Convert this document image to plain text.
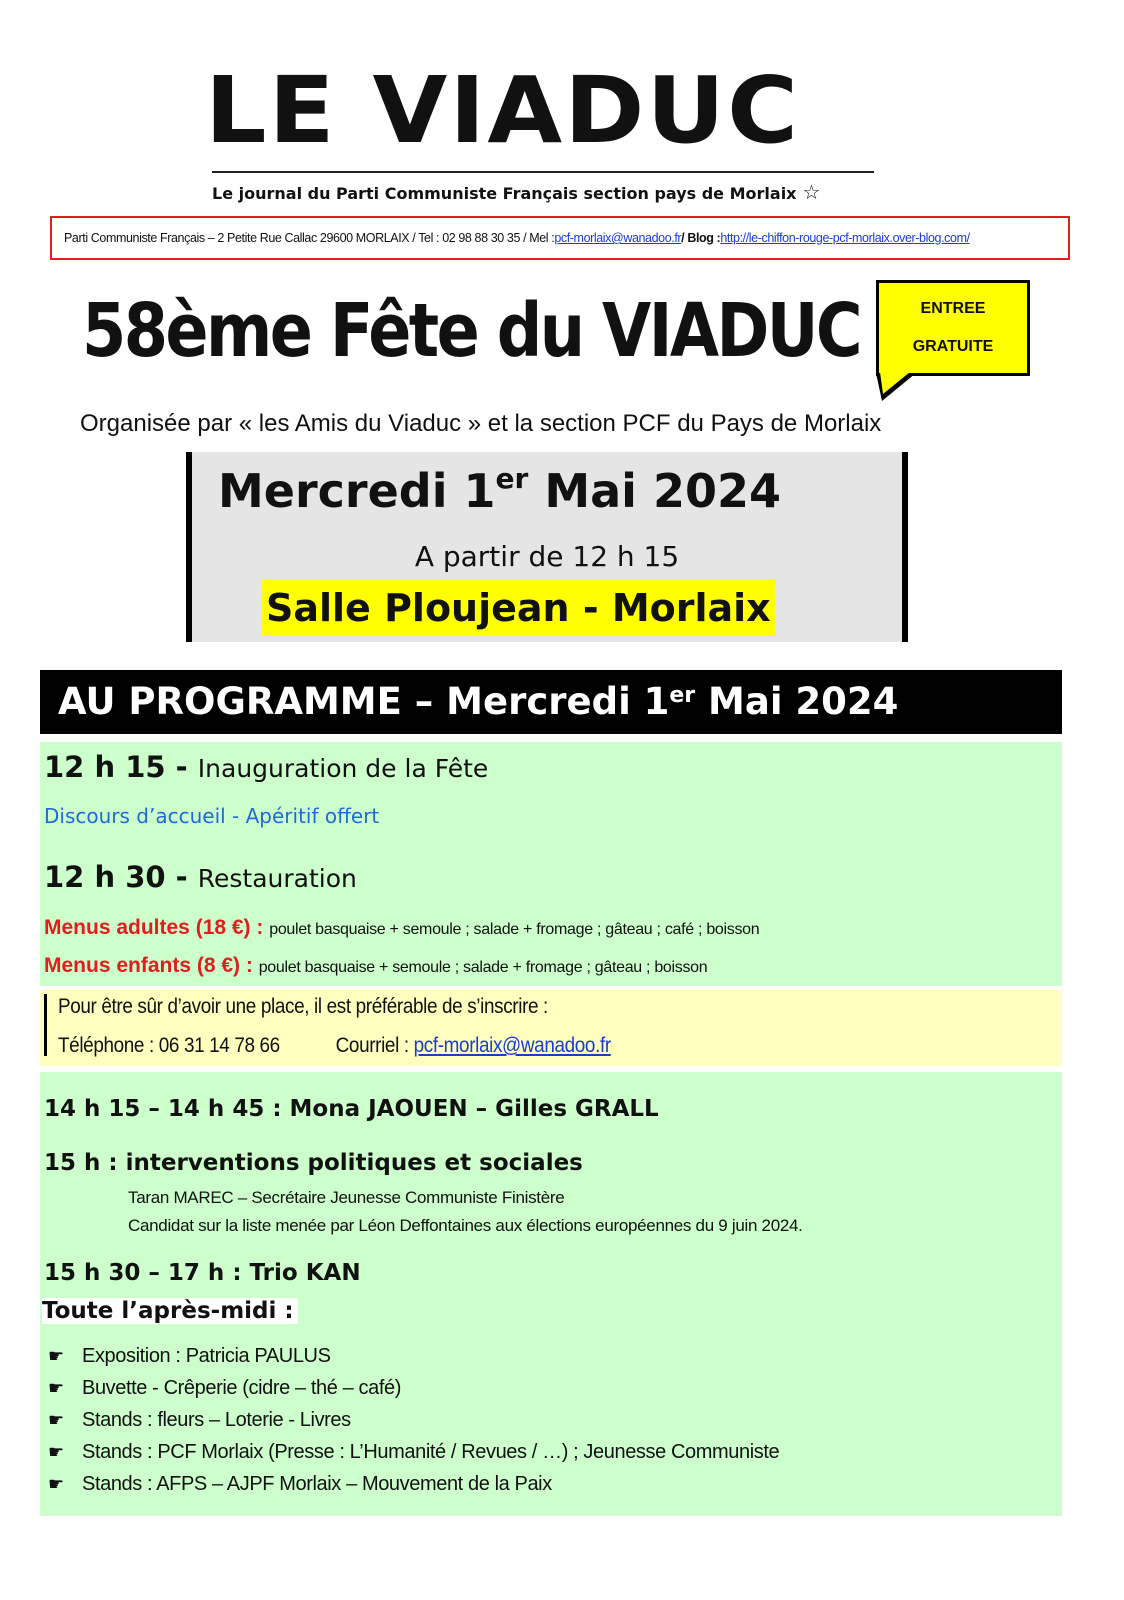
LE VIADUC
Le journal du Parti Communiste Français section pays de Morlaix ☆
Parti Communiste Français – 2 Petite Rue Callac 29600 MORLAIX / Tel : 02 98 88 30 35 / Mel : pcf-morlaix@wanadoo.fr / Blog : http://le-chiffon-rouge-pcf-morlaix.over-blog.com/
58ème Fête du VIADUC	ENTREE
GRATUITE
Organisée par « les Amis du Viaduc » et la section PCF du Pays de Morlaix
Mercredi 1er Mai 2024
A partir de 12 h 15
Salle Ploujean - Morlaix
AU PROGRAMME – Mercredi 1er Mai 2024
12 h 15 - Inauguration de la Fête
Discours d’accueil - Apéritif offert
12 h 30 - Restauration
Menus adultes (18 €) : poulet basquaise + semoule ; salade + fromage ; gâteau ; café ; boisson
Menus enfants (8 €) : poulet basquaise + semoule ; salade + fromage ; gâteau ; boisson
Pour être sûr d’avoir une place, il est préférable de s’inscrire :
Téléphone : 06 31 14 78 66	Courriel : pcf-morlaix@wanadoo.fr
14 h 15 – 14 h 45 : Mona JAOUEN – Gilles GRALL
15 h : interventions politiques et sociales
Taran MAREC – Secrétaire Jeunesse Communiste Finistère
Candidat sur la liste menée par Léon Deffontaines aux élections européennes du 9 juin 2024.
15 h 30 – 17 h : Trio KAN
Toute l’après-midi :
☛ Exposition : Patricia PAULUS
☛ Buvette - Crêperie (cidre – thé – café)
☛ Stands : fleurs – Loterie - Livres
☛ Stands : PCF Morlaix (Presse : L’Humanité / Revues / …) ; Jeunesse Communiste
☛ Stands : AFPS – AJPF Morlaix – Mouvement de la Paix
